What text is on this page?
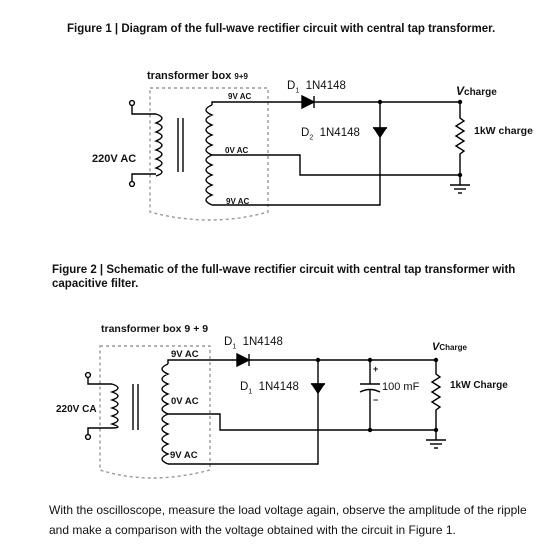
Figure 1 | Diagram of the full-wave rectifier circuit with central tap transformer.
transformer box 9+9
9V AC
0V AC
9V AC
220V AC
$D_1$ 1N4148
$D_2$ 1N4148
Vcharge
1kW charge
Figure 2 | Schematic of the full-wave rectifier circuit with central tap transformer with capacitive filter.
transformer box 9 + 9
9V AC
0V AC
9V AC
220V CA
$D_1$ 1N4148
$D_1$ 1N4148	100 mF
+
−
VCharge
1kW Charge
With the oscilloscope, measure the load voltage again, observe the amplitude of the ripple and make a comparison with the voltage obtained with the circuit in Figure 1.
